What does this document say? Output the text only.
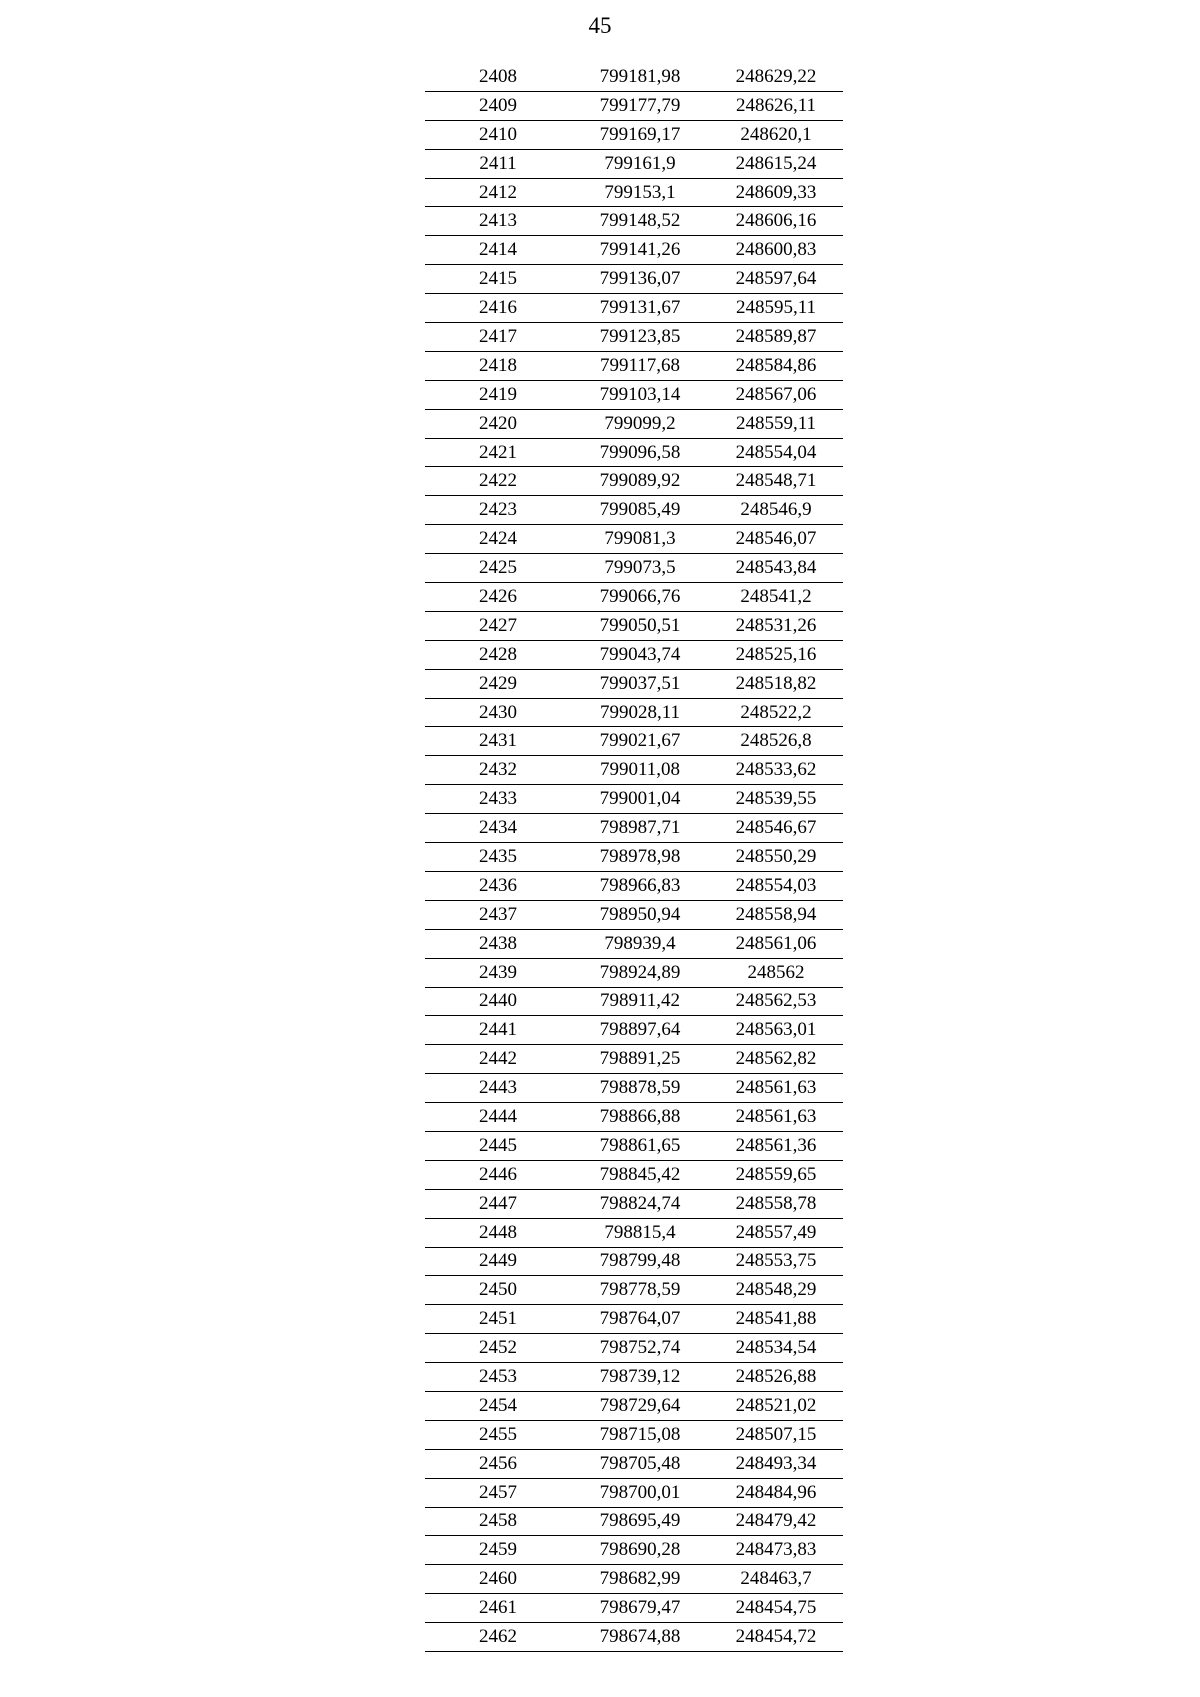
45
2408	799181,98	248629,22
2409	799177,79	248626,11
2410	799169,17	248620,1
2411	799161,9	248615,24
2412	799153,1	248609,33
2413	799148,52	248606,16
2414	799141,26	248600,83
2415	799136,07	248597,64
2416	799131,67	248595,11
2417	799123,85	248589,87
2418	799117,68	248584,86
2419	799103,14	248567,06
2420	799099,2	248559,11
2421	799096,58	248554,04
2422	799089,92	248548,71
2423	799085,49	248546,9
2424	799081,3	248546,07
2425	799073,5	248543,84
2426	799066,76	248541,2
2427	799050,51	248531,26
2428	799043,74	248525,16
2429	799037,51	248518,82
2430	799028,11	248522,2
2431	799021,67	248526,8
2432	799011,08	248533,62
2433	799001,04	248539,55
2434	798987,71	248546,67
2435	798978,98	248550,29
2436	798966,83	248554,03
2437	798950,94	248558,94
2438	798939,4	248561,06
2439	798924,89	248562
2440	798911,42	248562,53
2441	798897,64	248563,01
2442	798891,25	248562,82
2443	798878,59	248561,63
2444	798866,88	248561,63
2445	798861,65	248561,36
2446	798845,42	248559,65
2447	798824,74	248558,78
2448	798815,4	248557,49
2449	798799,48	248553,75
2450	798778,59	248548,29
2451	798764,07	248541,88
2452	798752,74	248534,54
2453	798739,12	248526,88
2454	798729,64	248521,02
2455	798715,08	248507,15
2456	798705,48	248493,34
2457	798700,01	248484,96
2458	798695,49	248479,42
2459	798690,28	248473,83
2460	798682,99	248463,7
2461	798679,47	248454,75
2462	798674,88	248454,72
